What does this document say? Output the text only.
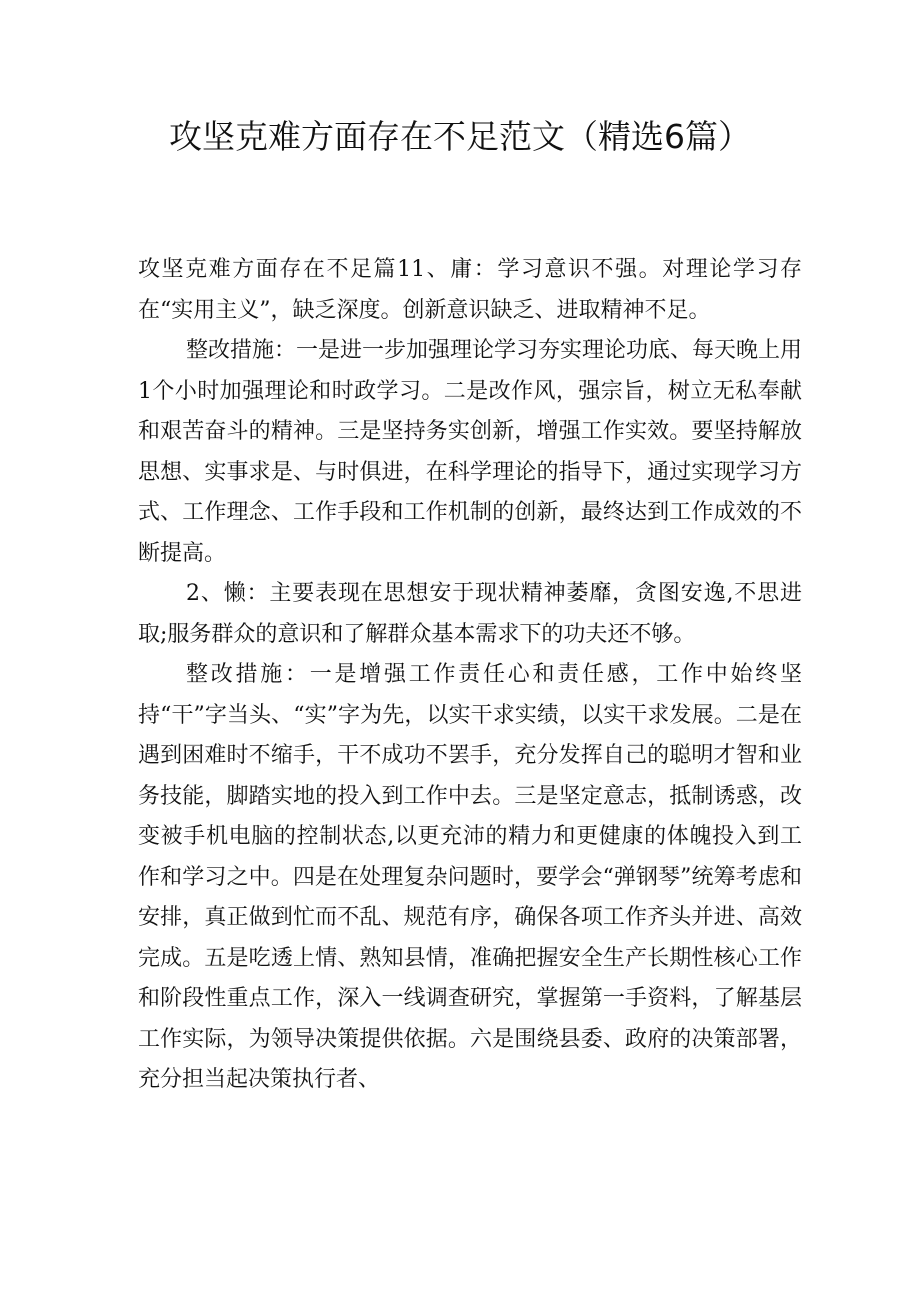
攻坚克难方面存在不足范文（精选6篇）

攻坚克难方面存在不足篇11、庸：学习意识不强。对理论学习存在“实用主义”，缺乏深度。创新意识缺乏、进取精神不足。

整改措施：一是进一步加强理论学习夯实理论功底、每天晚上用1个小时加强理论和时政学习。二是改作风，强宗旨，树立无私奉献和艰苦奋斗的精神。三是坚持务实创新，增强工作实效。要坚持解放思想、实事求是、与时俱进，在科学理论的指导下，通过实现学习方式、工作理念、工作手段和工作机制的创新，最终达到工作成效的不断提高。

2、懒：主要表现在思想安于现状精神萎靡，贪图安逸,不思进取;服务群众的意识和了解群众基本需求下的功夫还不够。

整改措施：一是增强工作责任心和责任感，工作中始终坚持“干”字当头、“实”字为先，以实干求实绩，以实干求发展。二是在遇到困难时不缩手，干不成功不罢手，充分发挥自己的聪明才智和业务技能，脚踏实地的投入到工作中去。三是坚定意志，抵制诱惑，改变被手机电脑的控制状态,以更充沛的精力和更健康的体魄投入到工作和学习之中。四是在处理复杂问题时，要学会“弹钢琴”统筹考虑和安排，真正做到忙而不乱、规范有序，确保各项工作齐头并进、高效完成。五是吃透上情、熟知县情，准确把握安全生产长期性核心工作和阶段性重点工作，深入一线调查研究，掌握第一手资料，了解基层工作实际，为领导决策提供依据。六是围绕县委、政府的决策部署，充分担当起决策执行者、
